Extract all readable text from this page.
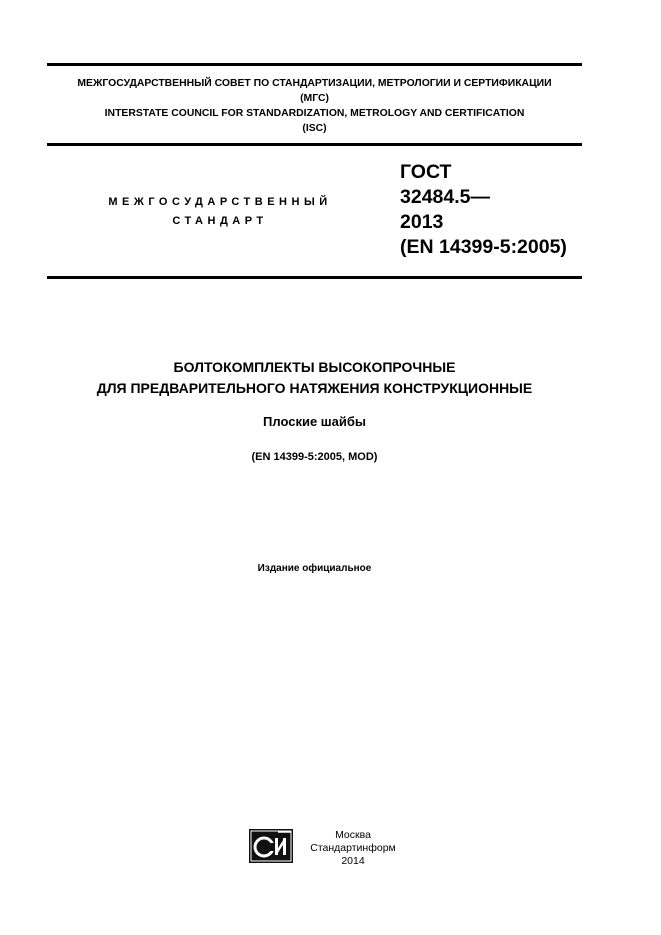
МЕЖГОСУДАРСТВЕННЫЙ СОВЕТ ПО СТАНДАРТИЗАЦИИ, МЕТРОЛОГИИ И СЕРТИФИКАЦИИ
(МГС)
INTERSTATE COUNCIL FOR STANDARDIZATION, METROLOGY AND CERTIFICATION
(ISC)
МЕЖГОСУДАРСТВЕННЫЙ
СТАНДАРТ
ГОСТ
32484.5—
2013
(EN 14399-5:2005)
БОЛТОКОМПЛЕКТЫ ВЫСОКОПРОЧНЫЕ
ДЛЯ ПРЕДВАРИТЕЛЬНОГО НАТЯЖЕНИЯ КОНСТРУКЦИОННЫЕ
Плоские шайбы
(EN 14399-5:2005, MOD)
Издание официальное
Москва
Стандартинформ
2014
